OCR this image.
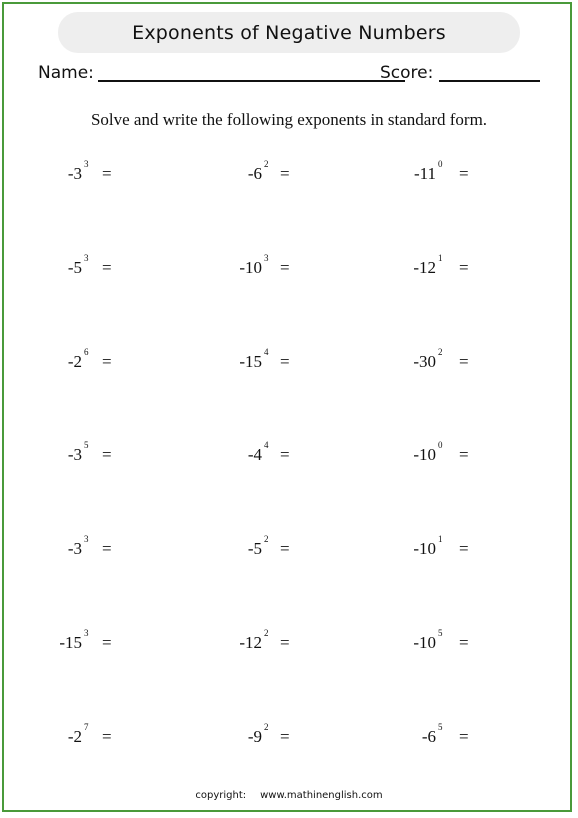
Exponents of Negative Numbers
Name:	Score:
Solve and write the following exponents in standard form.
-3 3 =	-6 2 =	-11 0 =
-5 3 =	-10 3 =	-12 1 =
-2 6 =	-15 4 =	-30 2 =
-3 5 =	-4 4 =	-10 0 =
-3 3 =	-5 2 =	-10 1 =
-15 3 =	-12 2 =	-10 5 =
-2 7 =	-9 2 =	-6 5 =
copyright: www.mathinenglish.com
